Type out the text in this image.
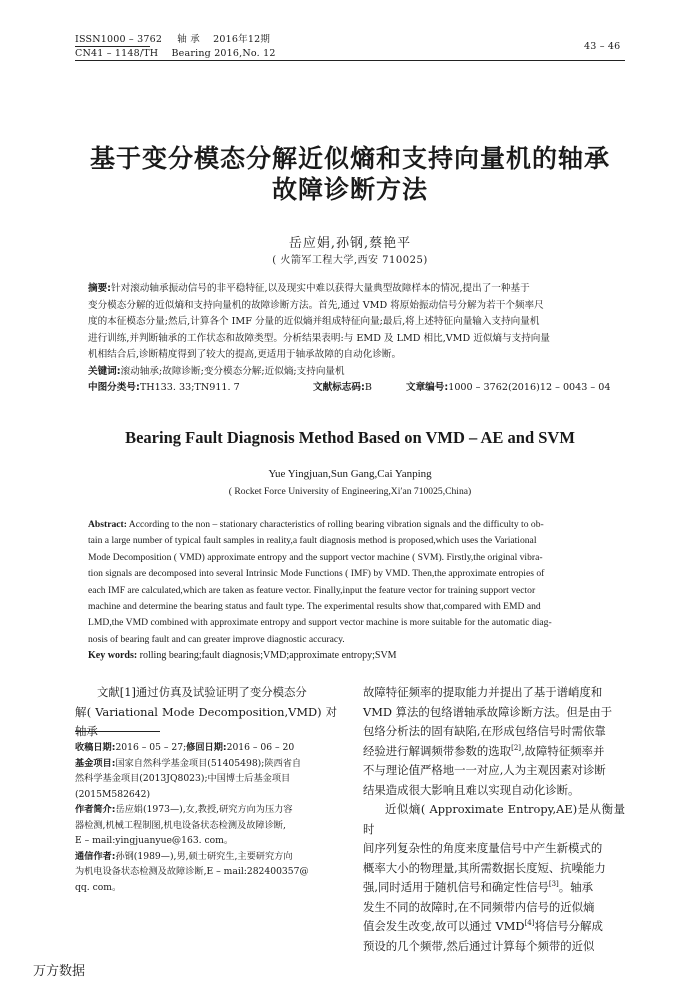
ISSN1000 – 3762 轴 承 2016年12期
CN41 – 1148/TH Bearing 2016,No. 12
43 – 46
基于变分模态分解近似熵和支持向量机的轴承
故障诊断方法
岳应娟,孙钢,蔡艳平
( 火箭军工程大学,西安 710025)
摘要:针对滚动轴承振动信号的非平稳特征,以及现实中难以获得大量典型故障样本的情况,提出了一种基于
变分模态分解的近似熵和支持向量机的故障诊断方法。首先,通过 VMD 将原始振动信号分解为若干个频率尺
度的本征模态分量;然后,计算各个 IMF 分量的近似熵并组成特征向量;最后,将上述特征向量输入支持向量机
进行训练,并判断轴承的工作状态和故障类型。分析结果表明:与 EMD 及 LMD 相比,VMD 近似熵与支持向量
机相结合后,诊断精度得到了较大的提高,更适用于轴承故障的自动化诊断。
关键词:滚动轴承;故障诊断;变分模态分解;近似熵;支持向量机
中图分类号:TH133. 33;TN911. 7	文献标志码:B	文章编号:1000 – 3762(2016)12 – 0043 – 04
Bearing Fault Diagnosis Method Based on VMD – AE and SVM
Yue Yingjuan,Sun Gang,Cai Yanping
( Rocket Force University of Engineering,Xi′an 710025,China)
Abstract: According to the non – stationary characteristics of rolling bearing vibration signals and the difficulty to ob-
tain a large number of typical fault samples in reality,a fault diagnosis method is proposed,which uses the Variational
Mode Decomposition ( VMD) approximate entropy and the support vector machine ( SVM). Firstly,the original vibra-
tion signals are decomposed into several Intrinsic Mode Functions ( IMF) by VMD. Then,the approximate entropies of
each IMF are calculated,which are taken as feature vector. Finally,input the feature vector for training support vector
machine and determine the bearing status and fault type. The experimental results show that,compared with EMD and
LMD,the VMD combined with approximate entropy and support vector machine is more suitable for the automatic diag-
nosis of bearing fault and can greater improve diagnostic accuracy.
Key words: rolling bearing;fault diagnosis;VMD;approximate entropy;SVM
文献[1]通过仿真及试验证明了变分模态分
解( Variational Mode Decomposition,VMD) 对轴承
收稿日期:2016 – 05 – 27;修回日期:2016 – 06 – 20
基金项目:国家自然科学基金项目(51405498);陕西省自
然科学基金项目(2013JQ8023);中国博士后基金项目
(2015M582642)
作者简介:岳应娟(1973—),女,教授,研究方向为压力容
器检测,机械工程制图,机电设备状态检测及故障诊断,
E – mail:yingjuanyue@163. com。
通信作者:孙钢(1989—),男,硕士研究生,主要研究方向
为机电设备状态检测及故障诊断,E – mail:282400357@
qq. com。
故障特征频率的提取能力并提出了基于谱峭度和
VMD 算法的包络谱轴承故障诊断方法。但是由于
包络分析法的固有缺陷,在形成包络信号时需依靠
经验进行解调频带参数的选取[2],故障特征频率并
不与理论值严格地一一对应,人为主观因素对诊断
结果造成很大影响且难以实现自动化诊断。
近似熵( Approximate Entropy,AE)是从衡量时
间序列复杂性的角度来度量信号中产生新模式的
概率大小的物理量,其所需数据长度短、抗噪能力
强,同时适用于随机信号和确定性信号[3]。轴承
发生不同的故障时,在不同频带内信号的近似熵
值会发生改变,故可以通过 VMD[4]将信号分解成
预设的几个频带,然后通过计算每个频带的近似
万方数据
